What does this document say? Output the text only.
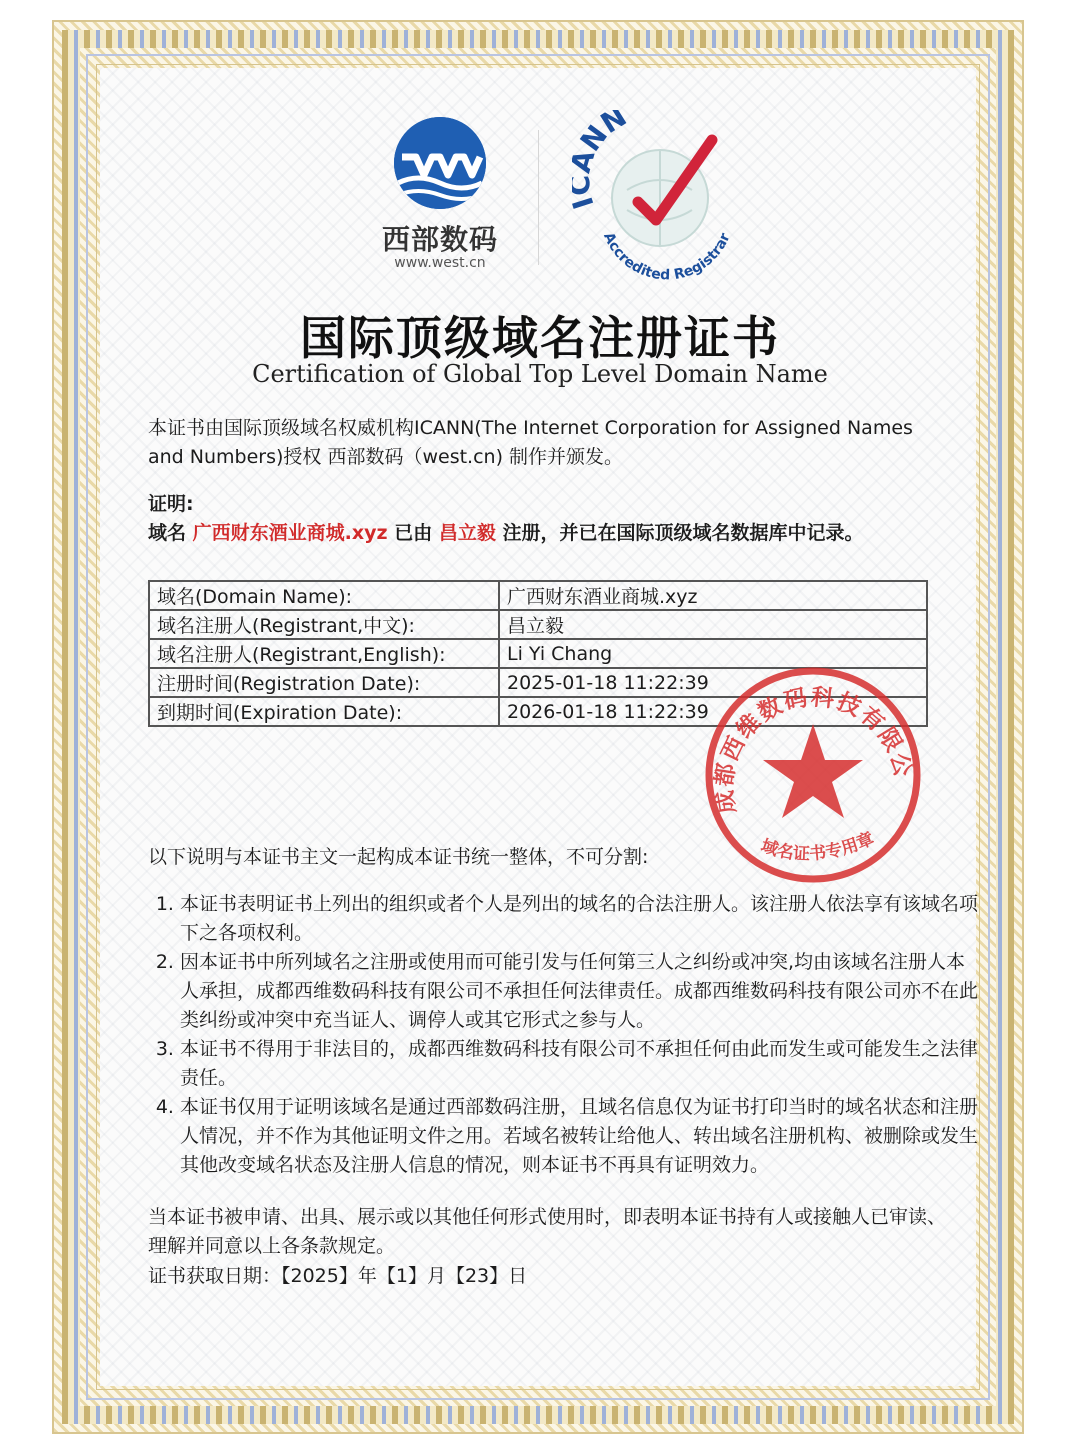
西部数码
www.west.cn
NN
Accredited Registrar
国际顶级域名注册证书
Certification of Global Top Level Domain Name
本证书由国际顶级域名权威机构ICANN(The Internet Corporation for Assigned Names and Numbers)授权 西部数码（west.cn) 制作并颁发。
证明:
域名 广西财东酒业商城.xyz 已由 昌立毅 注册，并已在国际顶级域名数据库中记录。
域名(Domain Name):	广西财东酒业商城.xyz
域名注册人(Registrant,中文):	昌立毅
域名注册人(Registrant,English):	Li Yi Chang
注册时间(Registration Date):	2025-01-18 11:22:39
到期时间(Expiration Date):	2026-01-18 11:22:39
成都西维数码科技有限公
域名证书专用章
以下说明与本证书主文一起构成本证书统一整体，不可分割:
1. 本证书表明证书上列出的组织或者个人是列出的域名的合法注册人。该注册人依法享有该域名项下之各项权利。
2. 因本证书中所列域名之注册或使用而可能引发与任何第三人之纠纷或冲突,均由该域名注册人本人承担，成都西维数码科技有限公司不承担任何法律责任。成都西维数码科技有限公司亦不在此类纠纷或冲突中充当证人、调停人或其它形式之参与人。
3. 本证书不得用于非法目的，成都西维数码科技有限公司不承担任何由此而发生或可能发生之法律责任。
4. 本证书仅用于证明该域名是通过西部数码注册，且域名信息仅为证书打印当时的域名状态和注册人情况，并不作为其他证明文件之用。若域名被转让给他人、转出域名注册机构、被删除或发生其他改变域名状态及注册人信息的情况，则本证书不再具有证明效力。
当本证书被申请、出具、展示或以其他任何形式使用时，即表明本证书持有人或接触人已审读、理解并同意以上各条款规定。
证书获取日期：【2025】年【1】月【23】日
